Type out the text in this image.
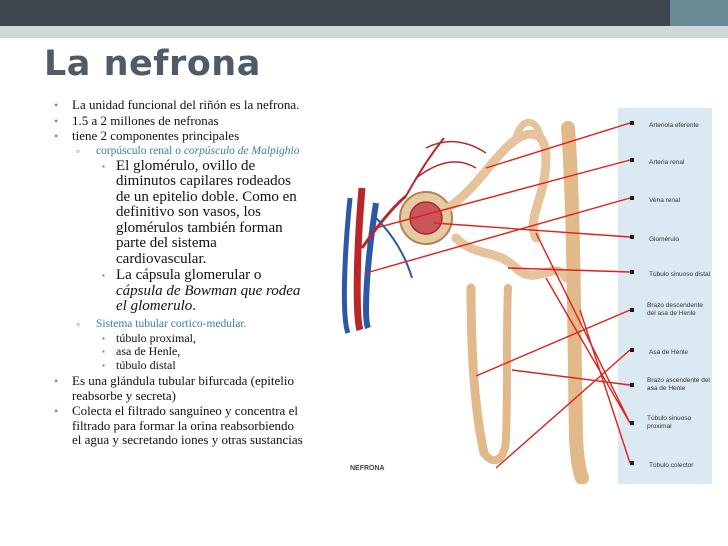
La nefrona
• La unidad funcional del riñón es la nefrona.
• 1.5 a 2 millones de nefronas
• tiene 2 componentes principales
◦ corpúsculo renal o corpúsculo de Malpighio
▪ El glomérulo, ovillo de diminutos capilares rodeados de un epitelio doble. Como en definitivo son vasos, los glomérulos también forman parte del sistema cardiovascular.
▪ La cápsula glomerular o cápsula de Bowman que rodea el glomerulo.
◦ Sistema tubular cortico-medular.
▪ túbulo proximal,
▪ asa de Henle,
▪ túbulo distal
• Es una glándula tubular bifurcada (epitelio reabsorbe y secreta)
• Colecta el filtrado sanguíneo y concentra el filtrado para formar la orina reabsorbiendo el agua y secretando iones y otras sustancias
NEFRONA
Arteriola eferente
Arteria renal
Vena renal
Glomérulo
Túbulo sinuoso distal
Brazo descendente del asa de Henle
Asa de Henle
Brazo ascendente del asa de Henle
Túbulo sinuoso proximal
Túbulo colector
